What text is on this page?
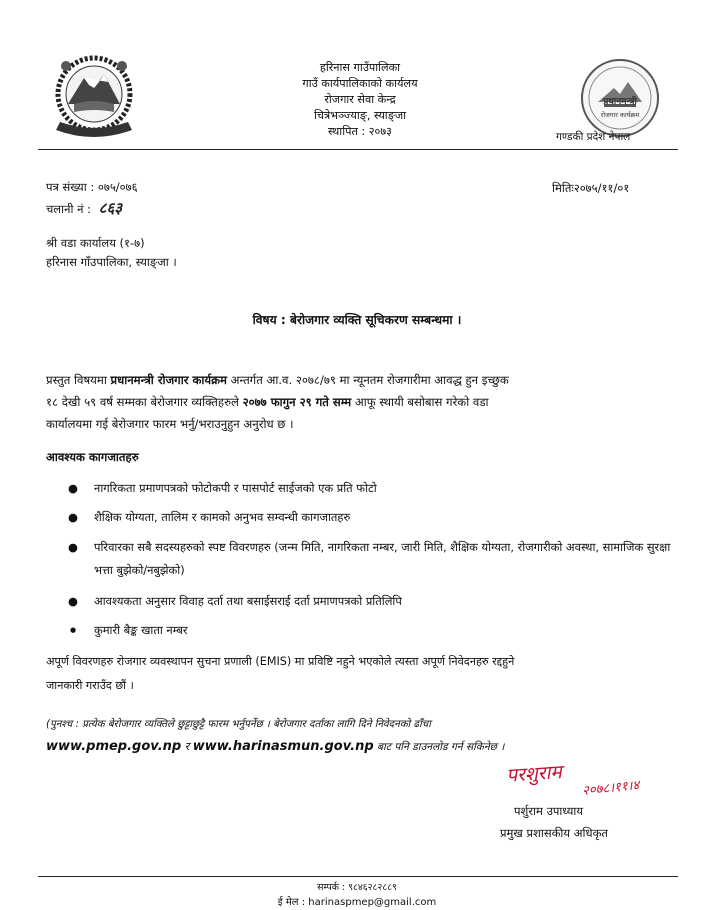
हरिनास गाउँपालिका
गाउँ कार्यपालिकाको कार्यलय
रोजगार सेवा केन्द्र
चित्रेभञ्ज्याङ्, स्याङ्जा
स्थापित : २०७३
प्रधानमन्त्री
रोजगार कार्यक्रम
गण्डकी प्रदेश नेपाल
पत्र संख्या : ०७५/०७६
चलानी नं : ८६३
मितिः२०७५/११/०१
श्री वडा कार्यालय (१-७)
हरिनास गाँउपालिका, स्याङ्जा ।
विषय : बेरोजगार व्यक्ति सूचिकरण सम्बन्धमा ।
प्रस्तुत विषयमा प्रधानमन्त्री रोजगार कार्यक्रम अन्तर्गत आ.व. २०७८/७९ मा न्यूनतम रोजगारीमा आवद्ध हुन इच्छुक
१८ देखी ५९ वर्ष सम्मका बेरोजगार व्यक्तिहरुले २०७७ फागुन २९ गते सम्म आफू स्थायी बसोबास गरेको वडा
कार्यालयमा गई बेरोजगार फारम भर्नु/भराउनुहुन अनुरोध छ ।
आवश्यक कागजातहरु
● नागरिकता प्रमाणपत्रको फोटोकपी र पासपोर्ट साईजको एक प्रति फोटो
● शैक्षिक योग्यता, तालिम र कामको अनुभव सम्वन्धी कागजातहरु
● परिवारका सबै सदस्यहरुको स्पष्ट विवरणहरु (जन्म मिति, नागरिकता नम्बर, जारी मिति, शैक्षिक योग्यता, रोजगारीको अवस्था, सामाजिक सुरक्षा भत्ता बुझेको/नबुझेको)
● आवश्यकता अनुसार विवाह दर्ता तथा बसाईसराई दर्ता प्रमाणपत्रको प्रतिलिपि
● कुमारी बैङ्क खाता नम्बर
अपूर्ण विवरणहरु रोजगार व्यवस्थापन सुचना प्रणाली (EMIS) मा प्रविष्टि नहुने भएकोले त्यस्ता अपूर्ण निवेदनहरु रद्दहुने
जानकारी गराउँद छौं ।
(पुनश्च : प्रत्येक बेरोजगार व्यक्तिले छुट्टाछुट्टै फारम भर्नुपर्नेछ । बेरोजगार दर्ताका लागि दिने निवेदनको ढाँचा
www.pmep.gov.np र www.harinasmun.gov.np बाट पनि डाउनलोड गर्न सकिनेछ ।
परशुराम
२०७८।११।४
पर्शुराम उपाध्याय
प्रमुख प्रशासकीय अधिकृत
सम्पर्क : ९८४६२८२८८९
ई मेल : harinaspmep@gmail.com
